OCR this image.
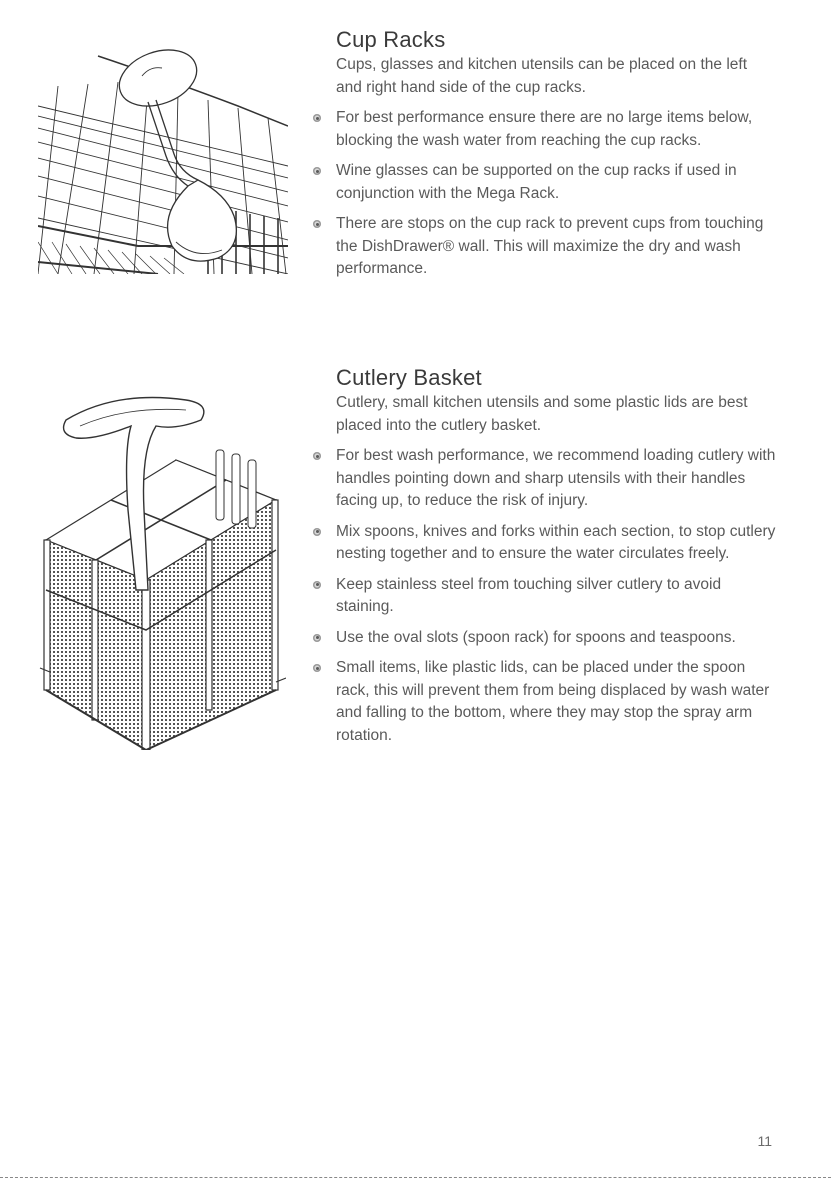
Cup Racks

Cups, glasses and kitchen utensils can be placed on the left and right hand side of the cup racks.

For best performance ensure there are no large items below, blocking the wash water from reaching the cup racks.
Wine glasses can be supported on the cup racks if used in conjunction with the Mega Rack.
There are stops on the cup rack to prevent cups from touching the DishDrawer® wall. This will maximize the dry and wash performance.
Cutlery Basket

Cutlery, small kitchen utensils and some plastic lids are best placed into the cutlery basket.

For best wash performance, we recommend loading cutlery with handles pointing down and sharp utensils with their handles facing up, to reduce the risk of injury.
Mix spoons, knives and forks within each section, to stop cutlery nesting together and to ensure the water circulates freely.
Keep stainless steel from touching silver cutlery to avoid staining.
Use the oval slots (spoon rack) for spoons and teaspoons.
Small items, like plastic lids, can be placed under the spoon rack, this will prevent them from being displaced by wash water and falling to the bottom, where they may stop the spray arm rotation.
11
